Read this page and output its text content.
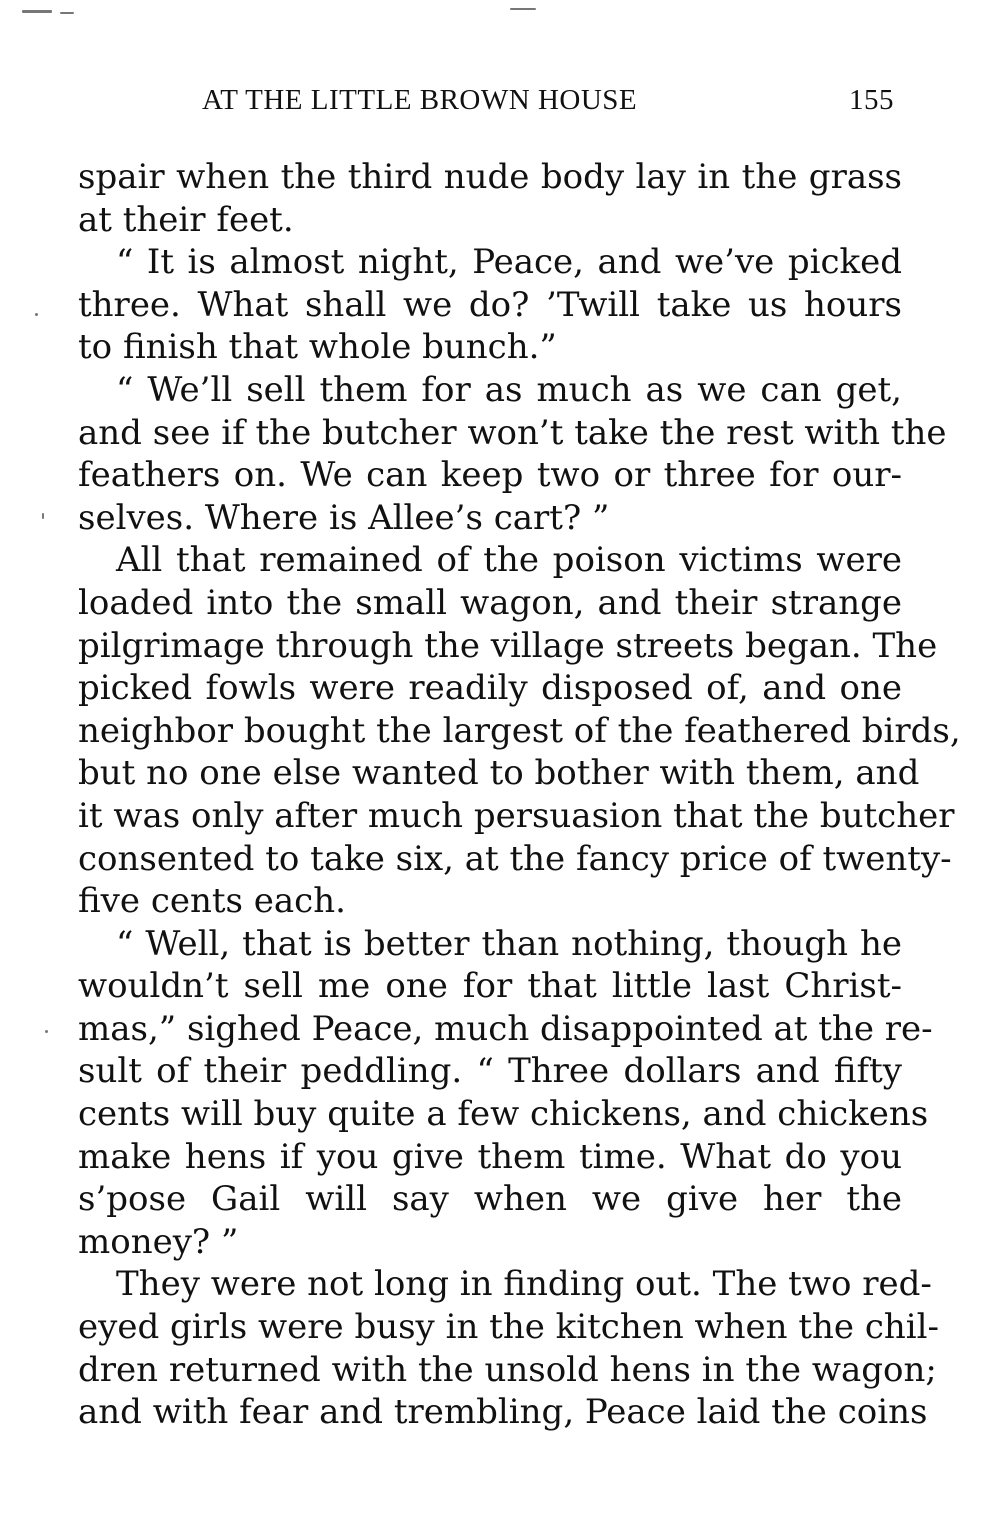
AT THE LITTLE BROWN HOUSE	155
spair when the third nude body lay in the grass
at their feet.
“ It is almost night, Peace, and we’ve picked
three. What shall we do? ’Twill take us hours
to finish that whole bunch.”
“ We’ll sell them for as much as we can get,
and see if the butcher won’t take the rest with the
feathers on. We can keep two or three for our-
selves. Where is Allee’s cart? ”
All that remained of the poison victims were
loaded into the small wagon, and their strange
pilgrimage through the village streets began. The
picked fowls were readily disposed of, and one
neighbor bought the largest of the feathered birds,
but no one else wanted to bother with them, and
it was only after much persuasion that the butcher
consented to take six, at the fancy price of twenty-
five cents each.
“ Well, that is better than nothing, though he
wouldn’t sell me one for that little last Christ-
mas,” sighed Peace, much disappointed at the re-
sult of their peddling. “ Three dollars and fifty
cents will buy quite a few chickens, and chickens
make hens if you give them time. What do you
s’pose Gail will say when we give her the
money? ”
They were not long in finding out. The two red-
eyed girls were busy in the kitchen when the chil-
dren returned with the unsold hens in the wagon;
and with fear and trembling, Peace laid the coins
